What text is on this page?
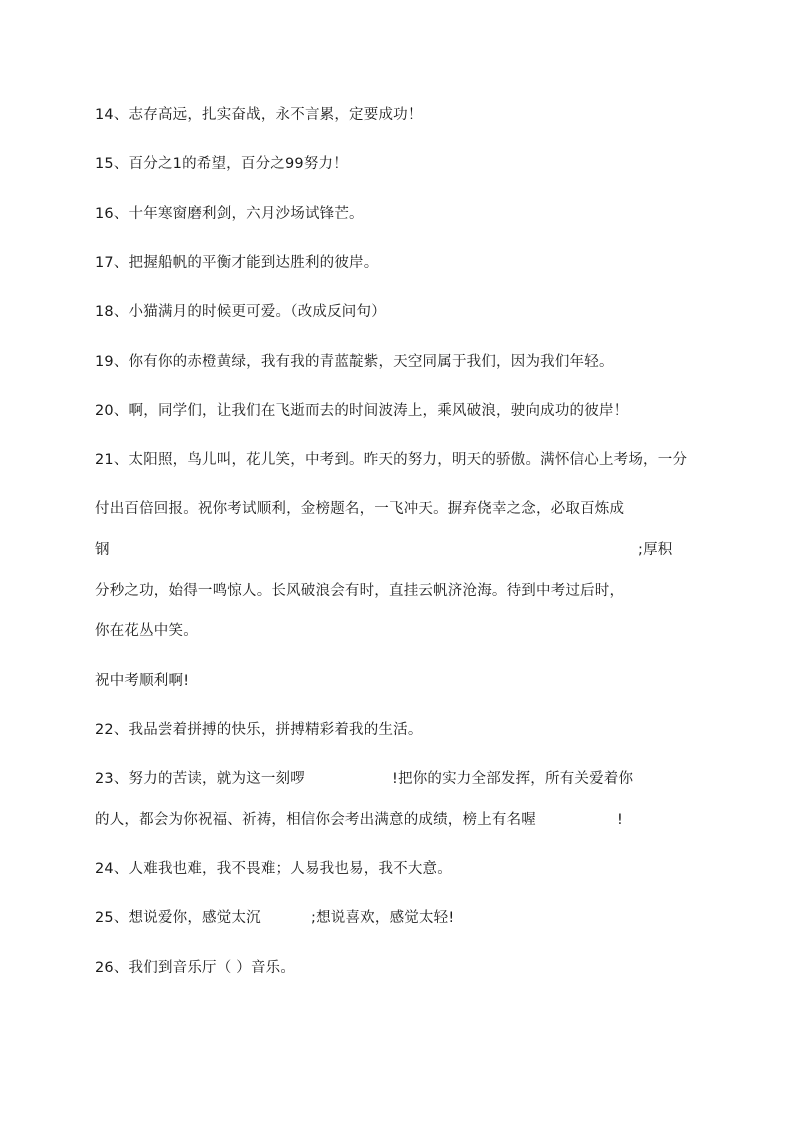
14、志存高远，扎实奋战，永不言累，定要成功！
15、百分之1的希望，百分之99努力！
16、十年寒窗磨利剑，六月沙场试锋芒。
17、把握船帆的平衡才能到达胜利的彼岸。
18、小猫满月的时候更可爱。（改成反问句）
19、你有你的赤橙黄绿，我有我的青蓝靛紫，天空同属于我们，因为我们年轻。
20、啊，同学们，让我们在飞逝而去的时间波涛上，乘风破浪，驶向成功的彼岸！
21、太阳照，鸟儿叫，花儿笑，中考到。昨天的努力，明天的骄傲。满怀信心上考场，一分
付出百倍回报。祝你考试顺利，金榜题名，一飞冲天。摒弃侥幸之念，必取百炼成
钢	;厚积
分秒之功，始得一鸣惊人。长风破浪会有时，直挂云帆济沧海。待到中考过后时，
你在花丛中笑。
祝中考顺利啊!
22、我品尝着拼搏的快乐，拼搏精彩着我的生活。
23、努力的苦读，就为这一刻啰	!把你的实力全部发挥，所有关爱着你
的人，都会为你祝福、祈祷，相信你会考出满意的成绩，榜上有名喔	!
24、人难我也难，我不畏难；人易我也易，我不大意。
25、想说爱你，感觉太沉	;想说喜欢，感觉太轻!
26、我们到音乐厅（ ）音乐。
